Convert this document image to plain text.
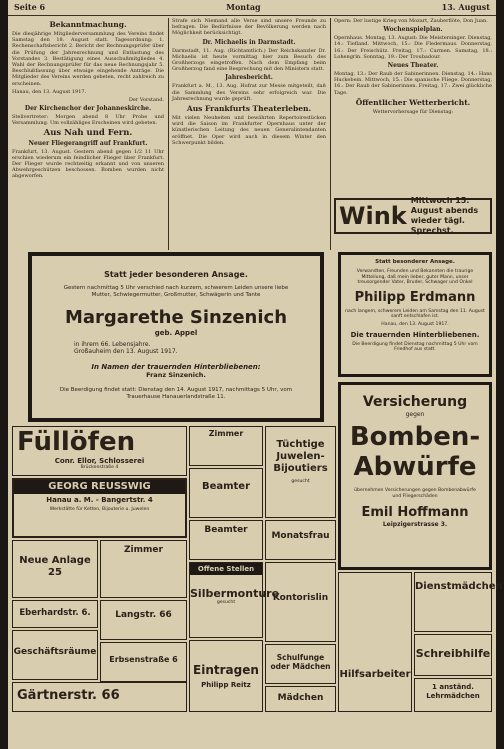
Seite 6	Montag	13. August
Bekanntmachung.

Die diesjährige Mitgliederversammlung des Vereins findet Samstag den 18. August statt. Tagesordnung: 1. Rechenschaftsbericht 2. Bericht der Rechnungsprüfer über die Prüfung der Jahresrechnung und Entlastung des Vorstandes 3. Bestätigung eines Ausschußmitgliedes 4. Wahl der Rechnungsprüfer für das neue Rechnungsjahr 5. Beschlußfassung über etwaige eingehende Anträge. Die Mitglieder des Vereins werden gebeten, recht zahlreich zu erscheinen.

Hanau, den 13. August 1917.

Der Vorstand.

Der Kirchenchor der Johanneskirche.

Stellvertreter: Morgen abend 8 Uhr Probe und Versammlung. Um vollzähliges Erscheinen wird gebeten.

Aus Nah und Fern.
Neuer Fliegerangriff auf Frankfurt.

Frankfurt, 13. August. Gestern abend gegen 1/2 11 Uhr erschien wiederum ein feindlicher Flieger über Frankfurt. Der Flieger wurde rechtzeitig erkannt und von unseren Abwehrgeschützen beschossen. Bomben wurden nicht abgeworfen.

Strafe sich Niemand alle Verse sind unsere Freunde zu befragen. Die Bedürfnisse der Bevölkerung werden nach Möglichkeit berücksichtigt.

Dr. Michaelis in Darmstadt.

Darmstadt, 11. Aug. (Richtamtlich.) Der Reichskanzler Dr. Michaelis ist heute vormittag hier zum Besuch des Großherzogs eingetroffen. Nach dem Empfang beim Großherzog fand eine Besprechung mit den Ministern statt.

Jahresbericht.

Frankfurt a. M., 13. Aug. Hofrat zur Messe mitgeteilt, daß die Sammlung des Vereins sehr erfolgreich war. Die Jahresrechnung wurde geprüft.

Aus Frankfurts Theaterleben.

Mit vielen Neuheiten und bewährten Repertoirestücken wird die Saison im Frankfurter Opernhaus unter der künstlerischen Leitung des neuen Generalintendanten eröffnet. Die Oper wird auch in diesem Winter den Schwerpunkt bilden.

Opern: Der lustige Krieg von Mozart, Zauberflöte, Don Juan.

Wochenspielplan.

Opernhaus. Montag, 13. August: Die Meistersinger. Dienstag, 14.: Tiefland. Mittwoch, 15.: Die Fledermaus. Donnerstag, 16.: Der Freischütz. Freitag, 17.: Carmen. Samstag, 18.: Lohengrin. Sonntag, 19.: Der Troubadour.

Neues Theater.

Montag, 13.: Der Raub der Sabinerinnen. Dienstag, 14.: Hans Huckebein. Mittwoch, 15.: Die spanische Fliege. Donnerstag, 16.: Der Raub der Sabinerinnen. Freitag, 17.: Zwei glückliche Tage.

Öffentlicher Wetterbericht.

Wettervorhersage für Dienstag:

Wink
Mittwoch 15. August abends
wieder tägl. Sprechst.
Statt jeder besonderen Ansage.
Gestern nachmittag 5 Uhr verschied nach kurzem, schwerem Leiden unsere liebe Mutter, Schwiegermutter, Großmutter, Schwägerin und Tante
Margarethe Sinzenich
geb. Appel
in ihrem 66. Lebensjahre.
Großauheim den 13. August 1917.
In Namen der trauernden Hinterbliebenen:
Franz Sinzenich.
Die Beerdigung findet statt: Dienstag den 14. August 1917, nachmittags 5 Uhr, vom Trauerhause Hanauerlandstraße 11.
Statt besonderer Ansage.
Verwandten, Freunden und Bekannten die traurige Mitteilung, daß mein lieber, guter Mann, unser treusorgender Vater, Bruder, Schwager und Onkel
Philipp Erdmann
nach langem, schwerem Leiden am Samstag den 11. August sanft entschlafen ist.
Hanau, den 13. August 1917.
Die trauernden Hinterbliebenen.
Die Beerdigung findet Dienstag nachmittag 5 Uhr vom Friedhof aus statt.
Versicherung
gegen
Bomben-
Abwürfe
übernehmen Versicherungen gegen Bombenabwürfe und Fliegerschäden
Emil Hoffmann
Leipzigerstrasse 3.
Füllöfen
Conr. Ellor, Schlosserei
Brückenstraße 4
GEORG REUSSWIG
Hanau a. M. - Bangertstr. 4
Werkstätte für Ketten, Bijouterie u. Juwelen
Neue Anlage 25
Zimmer
Eberhardstr. 6.	Langstr. 66
Geschäftsräume
Erbsenstraße 6
Gärtnerstr. 66
Zimmer
Beamter
Beamter
Offene Stellen
Silbermonture
gesucht
Eintragen
Philipp Reitz
Tüchtige Juwelen-Bijoutiers
gesucht
Monatsfrau
Kontorislin
Schulfunge oder Mädchen
Mädchen
Hilfsarbeiter
Dienstmädchen
Schreibhilfe
1 anständ. Lehrmädchen
